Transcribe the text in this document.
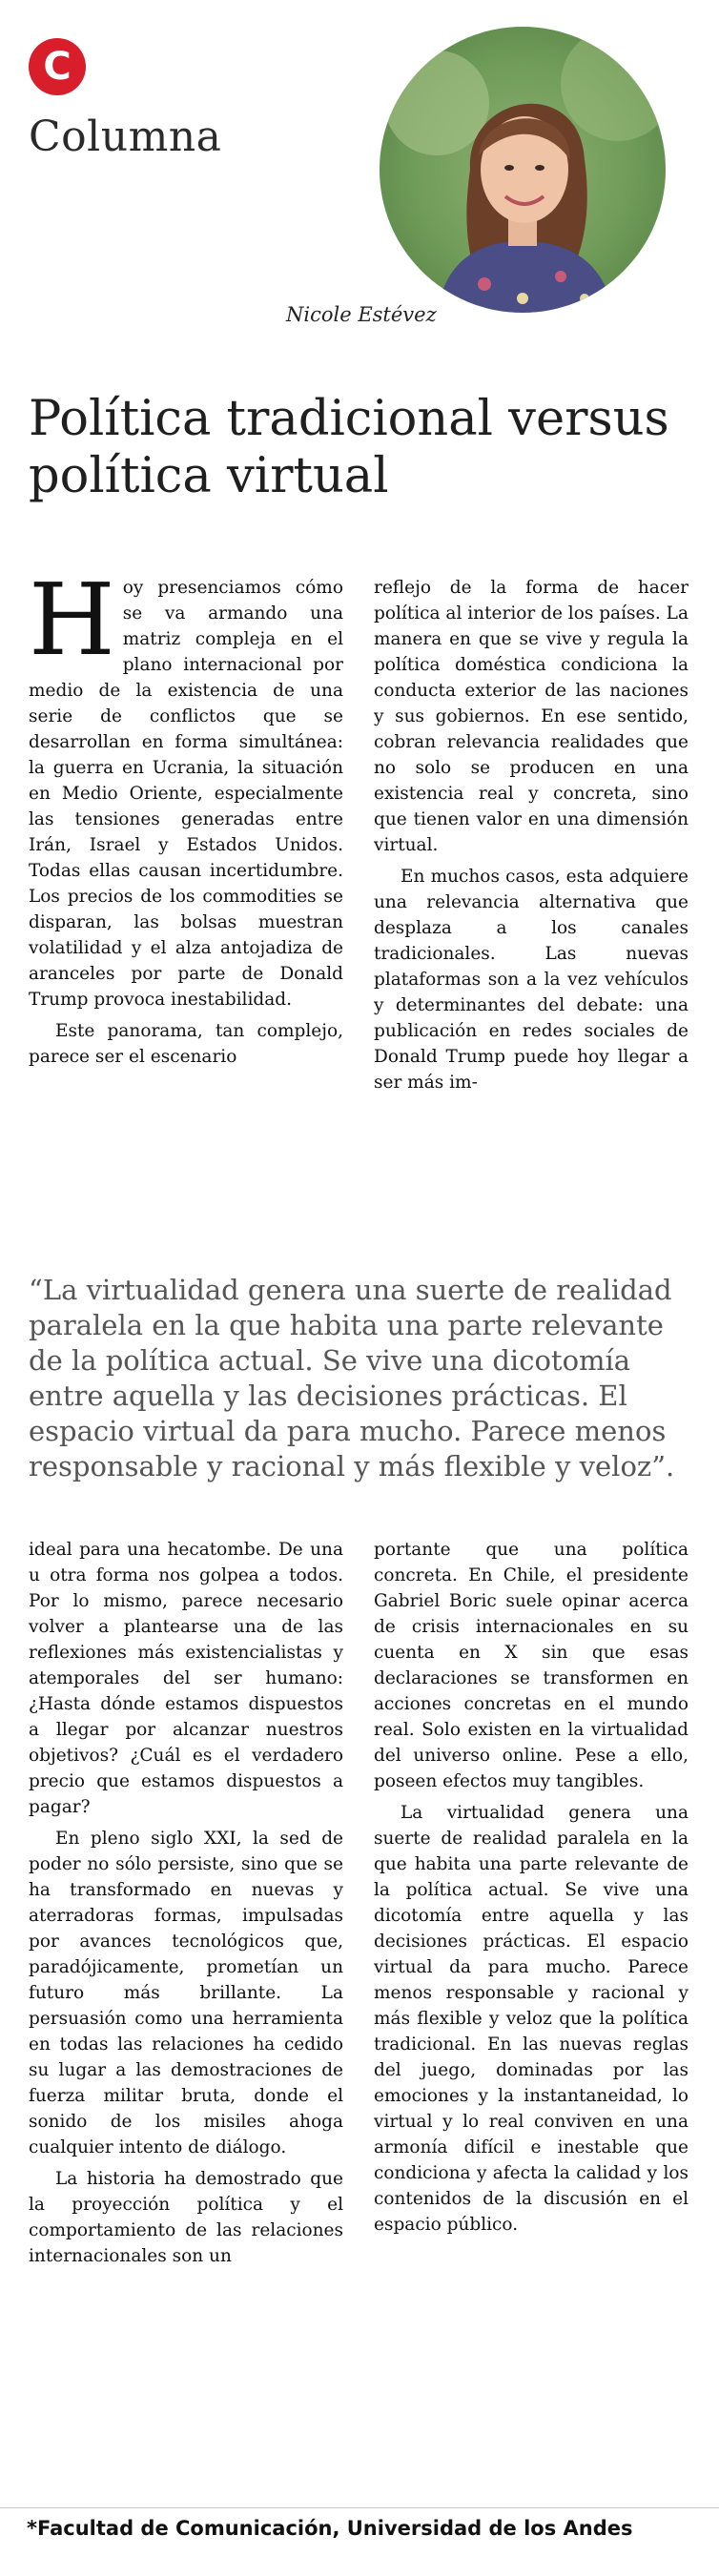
C
Columna
Nicole Estévez
Política tradicional versus política virtual

Hoy presenciamos cómo se va armando una matriz compleja en el plano internacional por medio de la existencia de una serie de conflictos que se desarrollan en forma simultánea: la guerra en Ucrania, la situación en Medio Oriente, especialmente las tensiones generadas entre Irán, Israel y Estados Unidos. Todas ellas causan incertidumbre. Los precios de los commodities se disparan, las bolsas muestran volatilidad y el alza antojadiza de aranceles por parte de Donald Trump provoca inestabilidad.

Este panorama, tan complejo, parece ser el escenario

reflejo de la forma de hacer política al interior de los países. La manera en que se vive y regula la política doméstica condiciona la conducta exterior de las naciones y sus gobiernos. En ese sentido, cobran relevancia realidades que no solo se producen en una existencia real y concreta, sino que tienen valor en una dimensión virtual.

En muchos casos, esta adquiere una relevancia alternativa que desplaza a los canales tradicionales. Las nuevas plataformas son a la vez vehículos y determinantes del debate: una publicación en redes sociales de Donald Trump puede hoy llegar a ser más im-

“La virtualidad genera una suerte de realidad paralela en la que habita una parte relevante de la política actual. Se vive una dicotomía entre aquella y las decisiones prácticas. El espacio virtual da para mucho. Parece menos responsable y racional y más flexible y veloz”.

ideal para una hecatombe. De una u otra forma nos golpea a todos. Por lo mismo, parece necesario volver a plantearse una de las reflexiones más existencialistas y atemporales del ser humano: ¿Hasta dónde estamos dispuestos a llegar por alcanzar nuestros objetivos? ¿Cuál es el verdadero precio que estamos dispuestos a pagar?

En pleno siglo XXI, la sed de poder no sólo persiste, sino que se ha transformado en nuevas y aterradoras formas, impulsadas por avances tecnológicos que, paradójicamente, prometían un futuro más brillante. La persuasión como una herramienta en todas las relaciones ha cedido su lugar a las demostraciones de fuerza militar bruta, donde el sonido de los misiles ahoga cualquier intento de diálogo.

La historia ha demostrado que la proyección política y el comportamiento de las relaciones internacionales son un

portante que una política concreta. En Chile, el presidente Gabriel Boric suele opinar acerca de crisis internacionales en su cuenta en X sin que esas declaraciones se transformen en acciones concretas en el mundo real. Solo existen en la virtualidad del universo online. Pese a ello, poseen efectos muy tangibles.

La virtualidad genera una suerte de realidad paralela en la que habita una parte relevante de la política actual. Se vive una dicotomía entre aquella y las decisiones prácticas. El espacio virtual da para mucho. Parece menos responsable y racional y más flexible y veloz que la política tradicional. En las nuevas reglas del juego, dominadas por las emociones y la instantaneidad, lo virtual y lo real conviven en una armonía difícil e inestable que condiciona y afecta la calidad y los contenidos de la discusión en el espacio público.

*Facultad de Comunicación, Universidad de los Andes
